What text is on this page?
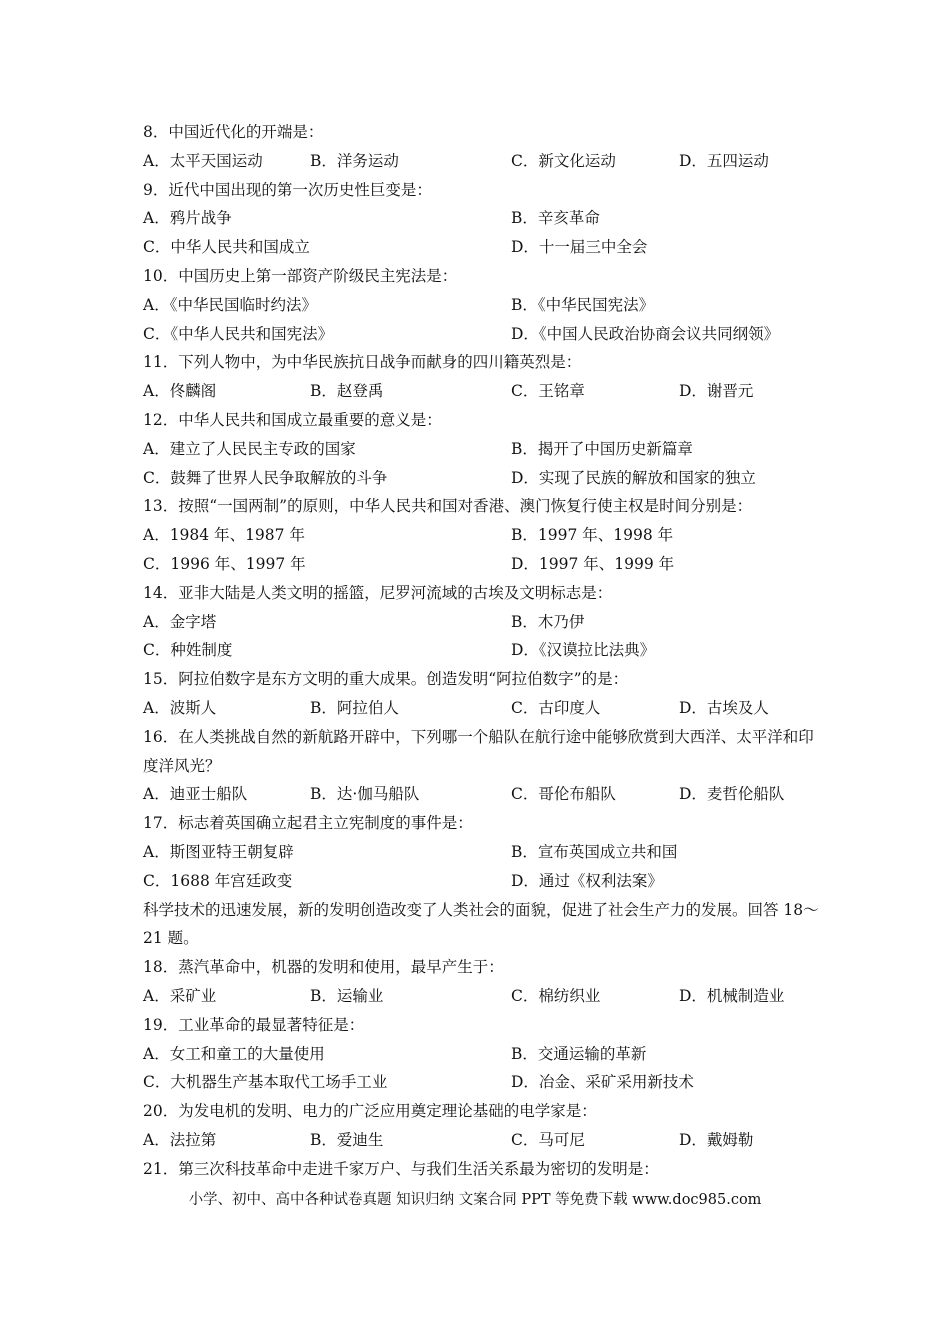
8．中国近代化的开端是：
A．太平天国运动	B．洋务运动	C．新文化运动	D．五四运动
9．近代中国出现的第一次历史性巨变是：
A．鸦片战争	B．辛亥革命
C．中华人民共和国成立	D．十一届三中全会
10．中国历史上第一部资产阶级民主宪法是：
A．《中华民国临时约法》	B．《中华民国宪法》
C．《中华人民共和国宪法》	D．《中国人民政治协商会议共同纲领》
11．下列人物中，为中华民族抗日战争而献身的四川籍英烈是：
A．佟麟阁	B．赵登禹	C．王铭章	D．谢晋元
12．中华人民共和国成立最重要的意义是：
A．建立了人民民主专政的国家	B．揭开了中国历史新篇章
C．鼓舞了世界人民争取解放的斗争	D．实现了民族的解放和国家的独立
13．按照“一国两制”的原则，中华人民共和国对香港、澳门恢复行使主权是时间分别是：
A．1984 年、1987 年	B．1997 年、1998 年
C．1996 年、1997 年	D．1997 年、1999 年
14．亚非大陆是人类文明的摇篮，尼罗河流域的古埃及文明标志是：
A．金字塔	B．木乃伊
C．种姓制度	D．《汉谟拉比法典》
15．阿拉伯数字是东方文明的重大成果。创造发明“阿拉伯数字”的是：
A．波斯人	B．阿拉伯人	C．古印度人	D．古埃及人
16．在人类挑战自然的新航路开辟中，下列哪一个船队在航行途中能够欣赏到大西洋、太平洋和印度洋风光？
A．迪亚士船队	B．达·伽马船队	C．哥伦布船队	D．麦哲伦船队
17．标志着英国确立起君主立宪制度的事件是：
A．斯图亚特王朝复辟	B．宣布英国成立共和国
C．1688 年宫廷政变	D．通过《权利法案》
科学技术的迅速发展，新的发明创造改变了人类社会的面貌，促进了社会生产力的发展。回答 18～21 题。
18．蒸汽革命中，机器的发明和使用，最早产生于：
A．采矿业	B．运输业	C．棉纺织业	D．机械制造业
19．工业革命的最显著特征是：
A．女工和童工的大量使用	B．交通运输的革新
C．大机器生产基本取代工场手工业	D．冶金、采矿采用新技术
20．为发电机的发明、电力的广泛应用奠定理论基础的电学家是：
A．法拉第	B．爱迪生	C．马可尼	D．戴姆勒
21．第三次科技革命中走进千家万户、与我们生活关系最为密切的发明是：
小学、初中、高中各种试卷真题 知识归纳 文案合同 PPT 等免费下载 www.doc985.com
